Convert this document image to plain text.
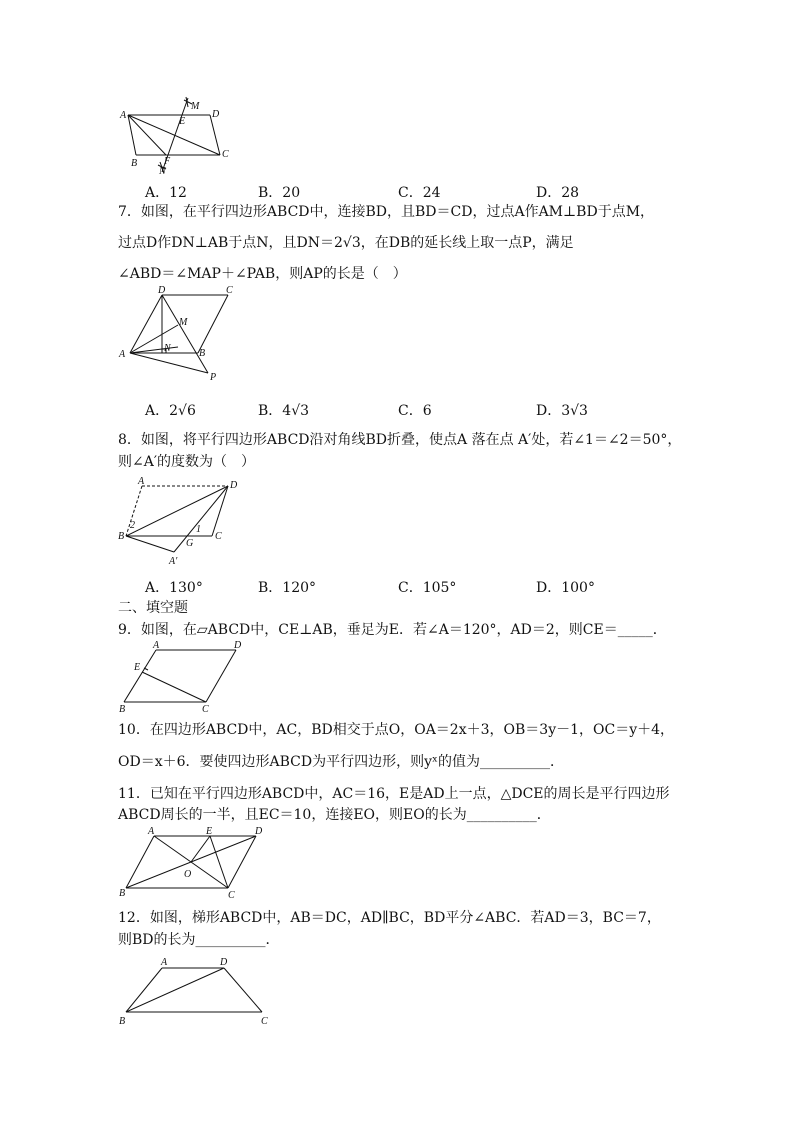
A	D
B
C
M
E
F
N
A．12	B．20	C．24	D．28
7．如图，在平行四边形ABCD中，连接BD，且BD＝CD，过点A作AM⊥BD于点M，
过点D作DN⊥AB于点N，且DN＝2√3，在DB的延长线上取一点P，满足
∠ABD＝∠MAP＋∠PAB，则AP的长是（　）
D	C
M
A
N	B
P
A．2√6	B．4√3	C．6	D．3√3
8．如图，将平行四边形ABCD沿对角线BD折叠，使点A 落在点 A′处，若∠1＝∠2＝50°，
则∠A′的度数为（　）
A	D
2	1
B
G
C
A′
A．130°	B．120°	C．105°	D．100°
二、填空题
9．如图，在▱ABCD中，CE⊥AB，垂足为E．若∠A＝120°，AD＝2，则CE＝_____．
A	D
E
B	C
10．在四边形ABCD中，AC，BD相交于点O，OA＝2x＋3，OB＝3y－1，OC＝y＋4，
OD＝x＋6．要使四边形ABCD为平行四边形，则yˣ的值为__________．
11．已知在平行四边形ABCD中，AC＝16，E是AD上一点，△DCE的周长是平行四边形
ABCD周长的一半，且EC＝10，连接EO，则EO的长为__________．
A	E	D
O
B	C
12．如图，梯形ABCD中，AB＝DC，AD∥BC，BD平分∠ABC．若AD＝3，BC＝7，
则BD的长为__________．
A	D
B	C
